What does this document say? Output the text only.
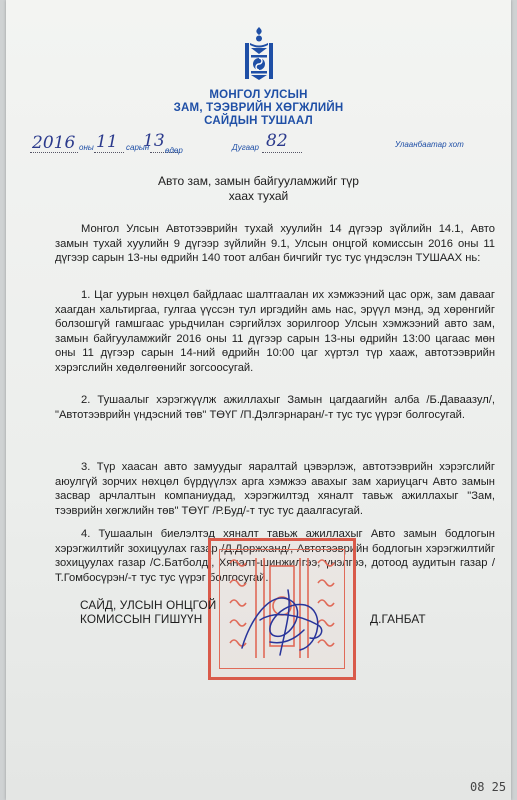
МОНГОЛ УЛСЫН
ЗАМ, ТЭЭВРИЙН ХӨГЖЛИЙН
САЙДЫН ТУШААЛ
2016 оны 11 сарын
13 өдөр	Дугаар 82	Улаанбаатар хот
Авто зам, замын байгууламжийг түр
хаах тухай
Монгол Улсын Автотээврийн тухай хуулийн 14 дүгээр зүйлийн 14.1, Авто замын тухай хуулийн 9 дүгээр зүйлийн 9.1, Улсын онцгой комиссын 2016 оны 11 дүгээр сарын 13-ны өдрийн 140 тоот албан бичгийг тус тус үндэслэн ТУШААХ нь:
1. Цаг уурын нөхцөл байдлаас шалтгаалан их хэмжээний цас орж, зам давааг хаагдан хальтиргаа, гулгаа үүссэн тул иргэдийн амь нас, эрүүл мэнд, эд хөрөнгийг болзошгүй гамшгаас урьдчилан сэргийлэх зорилгоор Улсын хэмжээний авто зам, замын байгууламжийг 2016 оны 11 дүгээр сарын 13-ны өдрийн 13:00 цагаас мөн оны 11 дүгээр сарын 14-ний өдрийн 10:00 цаг хүртэл түр хааж, автотээврийн хэрэгслийн хөдөлгөөнийг зогсоосугай.
2. Тушаалыг хэрэгжүүлж ажиллахыг Замын цагдаагийн алба /Б.Даваазул/, "Автотээврийн үндэсний төв" ТӨҮГ /П.Дэлгэрнаран/-т тус тус үүрэг болгосугай.
3. Түр хаасан авто замуудыг яаралтай цэвэрлэж, автотээврийн хэрэгслийг аюулгүй зорчих нөхцөл бүрдүүлэх арга хэмжээ авахыг зам хариуцагч Авто замын засвар арчлалтын компаниудад, хэрэгжилтэд хяналт тавьж ажиллахыг "Зам, тээврийн хөгжлийн төв" ТӨҮГ /Р.Буд/-т тус тус даалгасугай.
4. Тушаалын биелэлтэд хяналт тавьж ажиллахыг Авто замын бодлогын хэрэгжилтийг зохицуулах газар /Д.Доржханд/, Автотээврийн бодлогын хэрэгжилтийг зохицуулах газар /С.Батболд/, Хяналт-шинжилгээ, үнэлгээ, дотоод аудитын газар /Т.Гомбосүрэн/-т тус тус үүрэг болгосугай.
САЙД, УЛСЫН ОНЦГОЙ
КОМИССЫН ГИШҮҮН	Д.ГАНБАТ
08 25
